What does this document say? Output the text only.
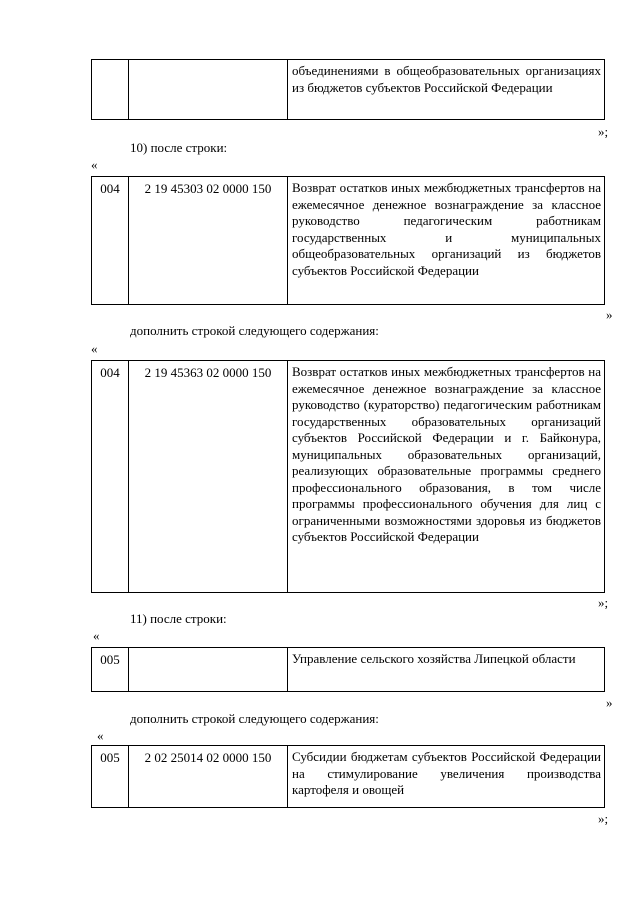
		объединениями в общеобразовательных организациях из бюджетов субъектов Российской Федерации
»;
10) после строки:
«
004	2 19 45303 02 0000 150	Возврат остатков иных межбюджетных трансфертов на ежемесячное денежное вознаграждение за классное руководство педагогическим работникам государственных и муниципальных общеобразовательных организаций из бюджетов субъектов Российской Федерации
»
дополнить строкой следующего содержания:
«
004	2 19 45363 02 0000 150	Возврат остатков иных межбюджетных трансфертов на ежемесячное денежное вознаграждение за классное руководство (кураторство) педагогическим работникам государственных образовательных организаций субъектов Российской Федерации и г. Байконура, муниципальных образовательных организаций, реализующих образовательные программы среднего профессионального образования, в том числе программы профессионального обучения для лиц с ограниченными возможностями здоровья из бюджетов субъектов Российской Федерации
»;
11) после строки:
«
005		Управление сельского хозяйства Липецкой области
»
дополнить строкой следующего содержания:
«
005	2 02 25014 02 0000 150	Субсидии бюджетам субъектов Российской Федерации на стимулирование увеличения производства картофеля и овощей
»;
